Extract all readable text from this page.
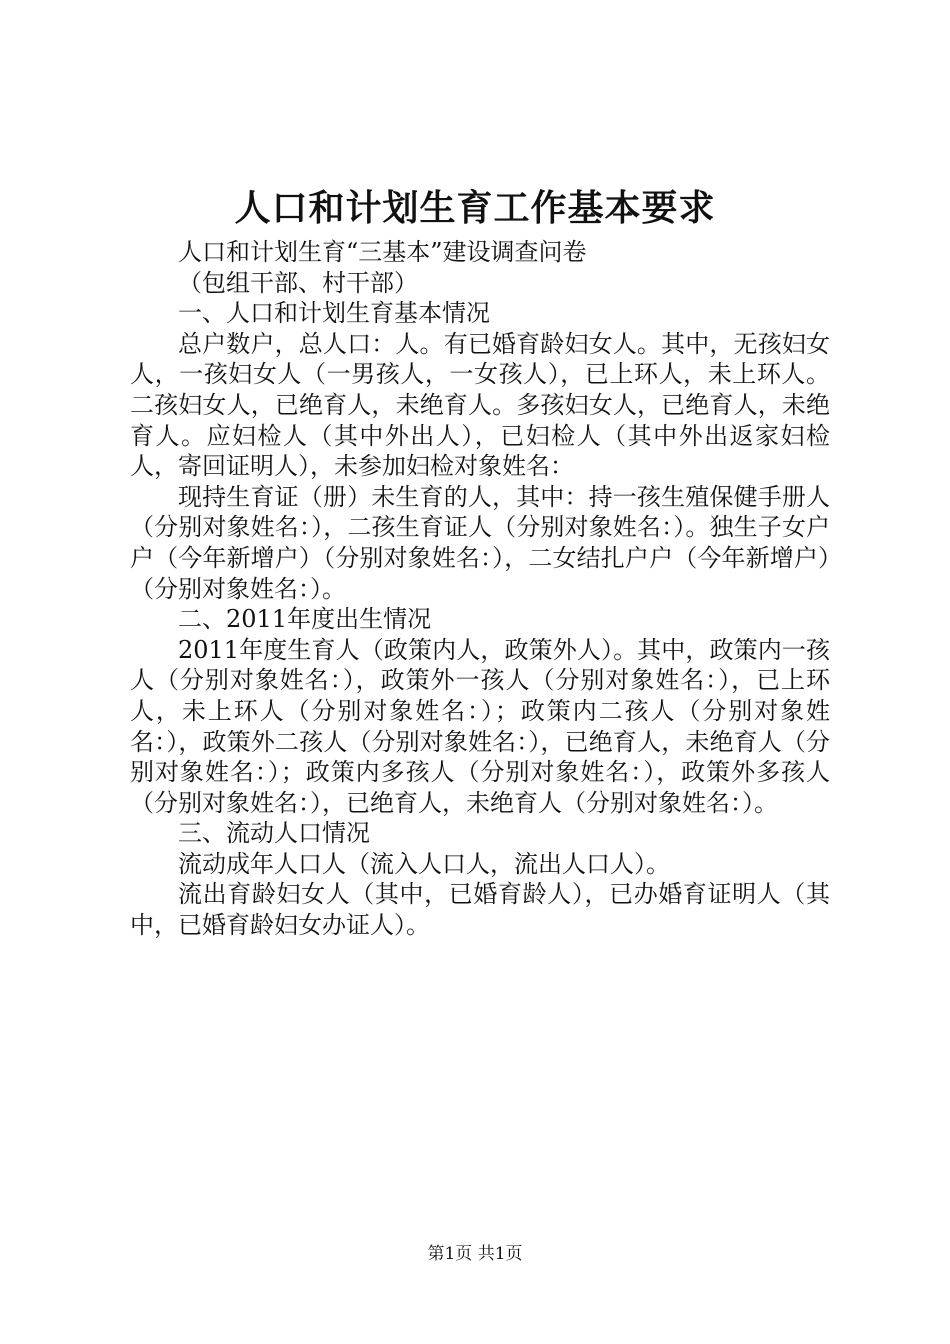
人口和计划生育工作基本要求

人口和计划生育“三基本”建设调查问卷

（包组干部、村干部）

一、人口和计划生育基本情况

总户数户，总人口：人。有已婚育龄妇女人。其中，无孩妇女人，一孩妇女人（一男孩人，一女孩人），已上环人，未上环人。二孩妇女人，已绝育人，未绝育人。多孩妇女人，已绝育人，未绝育人。应妇检人（其中外出人），已妇检人（其中外出返家妇检人，寄回证明人），未参加妇检对象姓名：

现持生育证（册）未生育的人，其中：持一孩生殖保健手册人（分别对象姓名：），二孩生育证人（分别对象姓名：）。独生子女户户（今年新增户）（分别对象姓名：），二女结扎户户（今年新增户）（分别对象姓名：）。

二、2011年度出生情况

2011年度生育人（政策内人，政策外人）。其中，政策内一孩人（分别对象姓名：），政策外一孩人（分别对象姓名：），已上环人，未上环人（分别对象姓名：）；政策内二孩人（分别对象姓名：），政策外二孩人（分别对象姓名：），已绝育人，未绝育人（分别对象姓名：）；政策内多孩人（分别对象姓名：），政策外多孩人（分别对象姓名：），已绝育人，未绝育人（分别对象姓名：）。

三、流动人口情况

流动成年人口人（流入人口人，流出人口人）。

流出育龄妇女人（其中，已婚育龄人），已办婚育证明人（其中，已婚育龄妇女办证人）。

第1页 共1页
